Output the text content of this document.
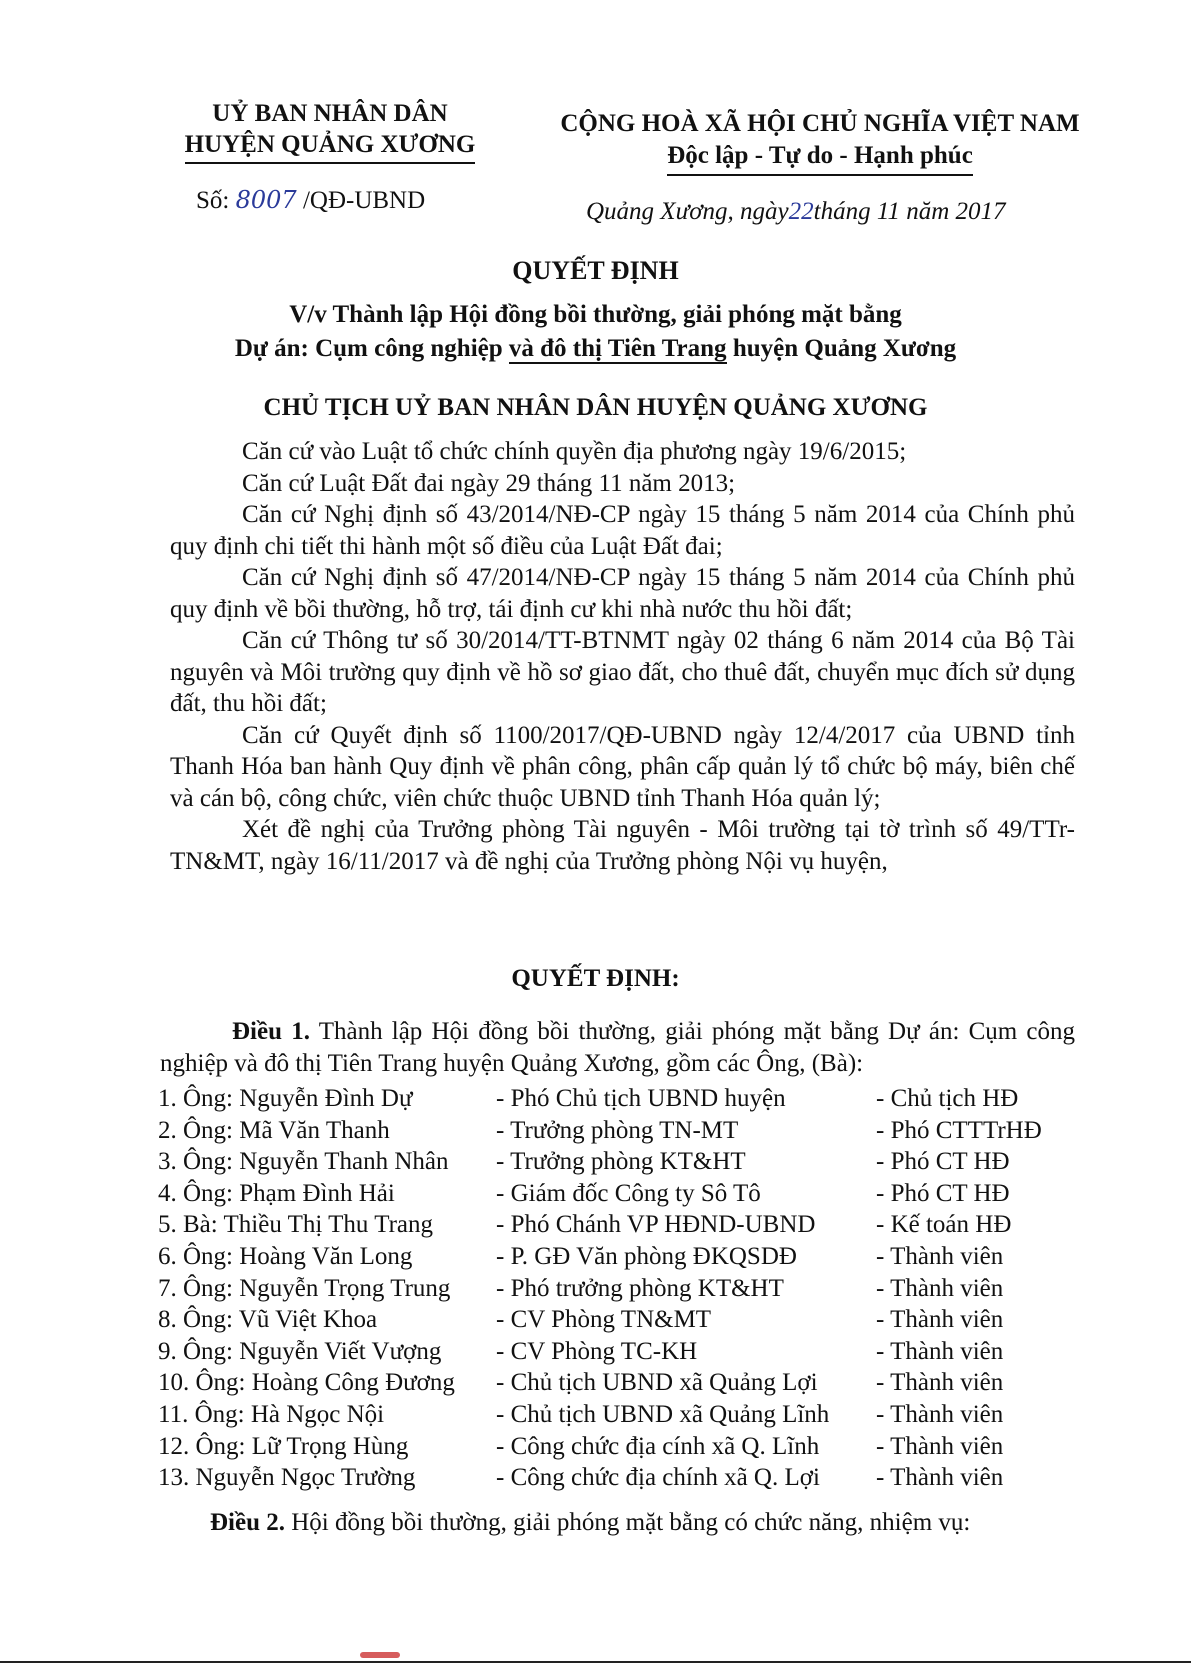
UỶ BAN NHÂN DÂN
HUYỆN QUẢNG XƯƠNG
CỘNG HOÀ XÃ HỘI CHỦ NGHĨA VIỆT NAM
Độc lập - Tự do - Hạnh phúc
Số: 8007 /QĐ-UBND	Quảng Xương, ngày22tháng 11 năm 2017
QUYẾT ĐỊNH
V/v Thành lập Hội đồng bồi thường, giải phóng mặt bằng
Dự án: Cụm công nghiệp và đô thị Tiên Trang huyện Quảng Xương
CHỦ TỊCH UỶ BAN NHÂN DÂN HUYỆN QUẢNG XƯƠNG

Căn cứ vào Luật tổ chức chính quyền địa phương ngày 19/6/2015;

Căn cứ Luật Đất đai ngày 29 tháng 11 năm 2013;

Căn cứ Nghị định số 43/2014/NĐ-CP ngày 15 tháng 5 năm 2014 của Chính phủ quy định chi tiết thi hành một số điều của Luật Đất đai;

Căn cứ Nghị định số 47/2014/NĐ-CP ngày 15 tháng 5 năm 2014 của Chính phủ quy định về bồi thường, hỗ trợ, tái định cư khi nhà nước thu hồi đất;

Căn cứ Thông tư số 30/2014/TT-BTNMT ngày 02 tháng 6 năm 2014 của Bộ Tài nguyên và Môi trường quy định về hồ sơ giao đất, cho thuê đất, chuyển mục đích sử dụng đất, thu hồi đất;

Căn cứ Quyết định số 1100/2017/QĐ-UBND ngày 12/4/2017 của UBND tỉnh Thanh Hóa ban hành Quy định về phân công, phân cấp quản lý tổ chức bộ máy, biên chế và cán bộ, công chức, viên chức thuộc UBND tỉnh Thanh Hóa quản lý;

Xét đề nghị của Trưởng phòng Tài nguyên - Môi trường tại tờ trình số 49/TTr-TN&MT, ngày 16/11/2017 và đề nghị của Trưởng phòng Nội vụ huyện,

QUYẾT ĐỊNH:

Điều 1. Thành lập Hội đồng bồi thường, giải phóng mặt bằng Dự án: Cụm công nghiệp và đô thị Tiên Trang huyện Quảng Xương, gồm các Ông, (Bà):

1. Ông: Nguyễn Đình Dự	- Phó Chủ tịch UBND huyện	- Chủ tịch HĐ
2. Ông: Mã Văn Thanh	- Trưởng phòng TN-MT	- Phó CTTTrHĐ
3. Ông: Nguyễn Thanh Nhân	- Trưởng phòng KT&HT	- Phó CT HĐ
4. Ông: Phạm Đình Hải	- Giám đốc Công ty Sô Tô	- Phó CT HĐ
5. Bà: Thiều Thị Thu Trang	- Phó Chánh VP HĐND-UBND	- Kế toán HĐ
6. Ông: Hoàng Văn Long	- P. GĐ Văn phòng ĐKQSDĐ	- Thành viên
7. Ông: Nguyễn Trọng Trung	- Phó trưởng phòng KT&HT	- Thành viên
8. Ông: Vũ Việt Khoa	- CV Phòng TN&MT	- Thành viên
9. Ông: Nguyễn Viết Vượng	- CV Phòng TC-KH	- Thành viên
10. Ông: Hoàng Công Đương	- Chủ tịch UBND xã Quảng Lợi	- Thành viên
11. Ông: Hà Ngọc Nội	- Chủ tịch UBND xã Quảng Lĩnh	- Thành viên
12. Ông: Lữ Trọng Hùng	- Công chức địa cính xã Q. Lĩnh	- Thành viên
13. Nguyễn Ngọc Trường	- Công chức địa chính xã Q. Lợi	- Thành viên
Điều 2. Hội đồng bồi thường, giải phóng mặt bằng có chức năng, nhiệm vụ:
